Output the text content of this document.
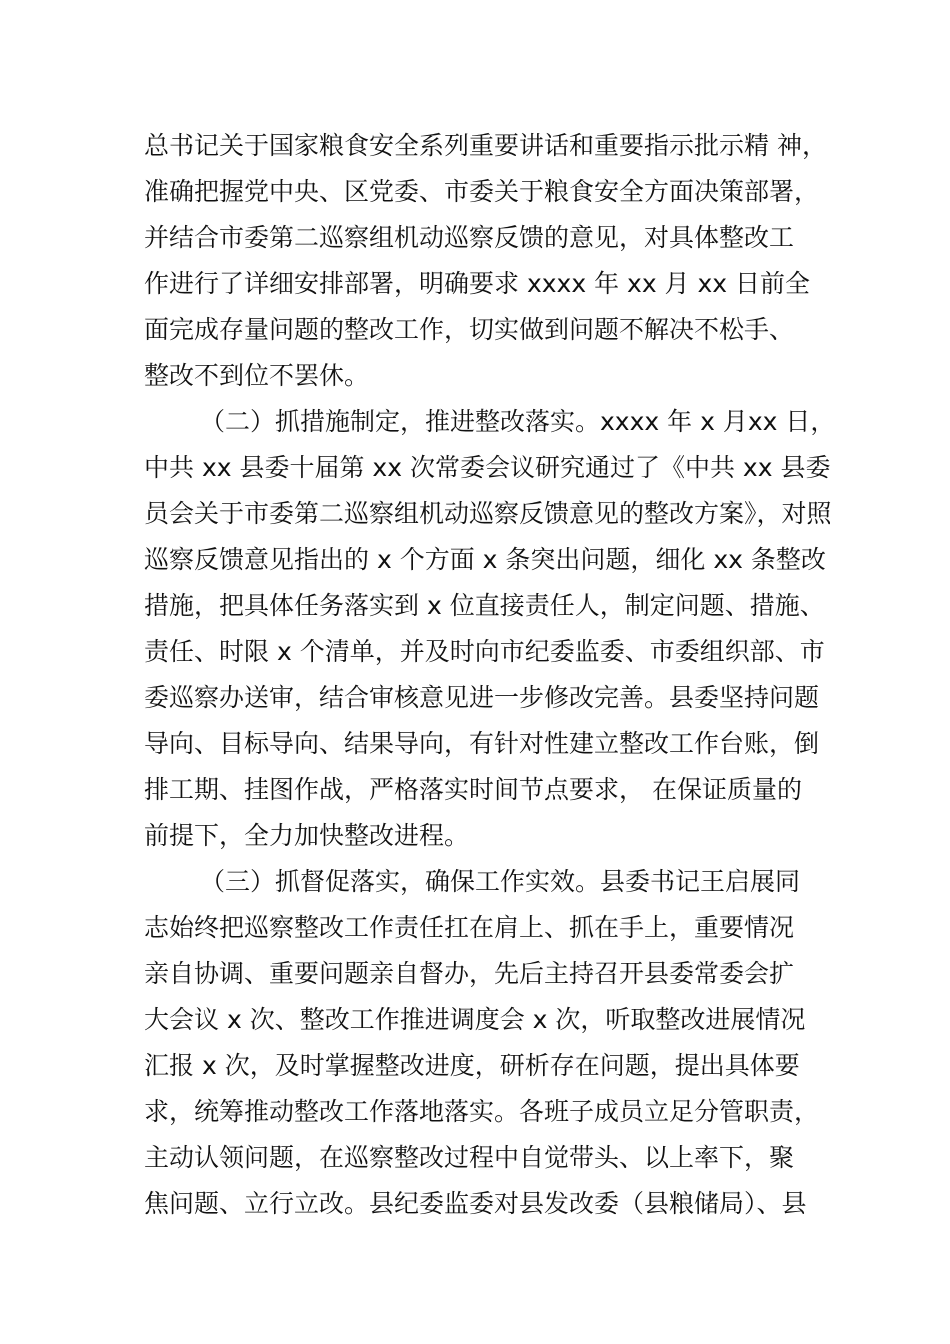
总书记关于国家粮食安全系列重要讲话和重要指示批示精 神，
准确把握党中央、区党委、市委关于粮食安全方面决策部署，
并结合市委第二巡察组机动巡察反馈的意见，对具体整改工
作进行了详细安排部署，明确要求 xxxx 年 xx 月 xx 日前全
面完成存量问题的整改工作，切实做到问题不解决不松手、
整改不到位不罢休。
（二）抓措施制定，推进整改落实。xxxx 年 x 月xx 日，
中共 xx 县委十届第 xx 次常委会议研究通过了《中共 xx 县委
员会关于市委第二巡察组机动巡察反馈意见的整改方案》，对照
巡察反馈意见指出的 x 个方面 x 条突出问题，细化 xx 条整改
措施，把具体任务落实到 x 位直接责任人，制定问题、措施、
责任、时限 x 个清单，并及时向市纪委监委、市委组织部、市
委巡察办送审，结合审核意见进一步修改完善。县委坚持问题
导向、目标导向、结果导向，有针对性建立整改工作台账，倒
排工期、挂图作战，严格落实时间节点要求， 在保证质量的
前提下，全力加快整改进程。
（三）抓督促落实，确保工作实效。县委书记王启展同
志始终把巡察整改工作责任扛在肩上、抓在手上，重要情况
亲自协调、重要问题亲自督办，先后主持召开县委常委会扩
大会议 x 次、整改工作推进调度会 x 次，听取整改进展情况
汇报 x 次，及时掌握整改进度，研析存在问题，提出具体要
求，统筹推动整改工作落地落实。各班子成员立足分管职责，
主动认领问题，在巡察整改过程中自觉带头、以上率下，聚
焦问题、立行立改。县纪委监委对县发改委（县粮储局）、县
